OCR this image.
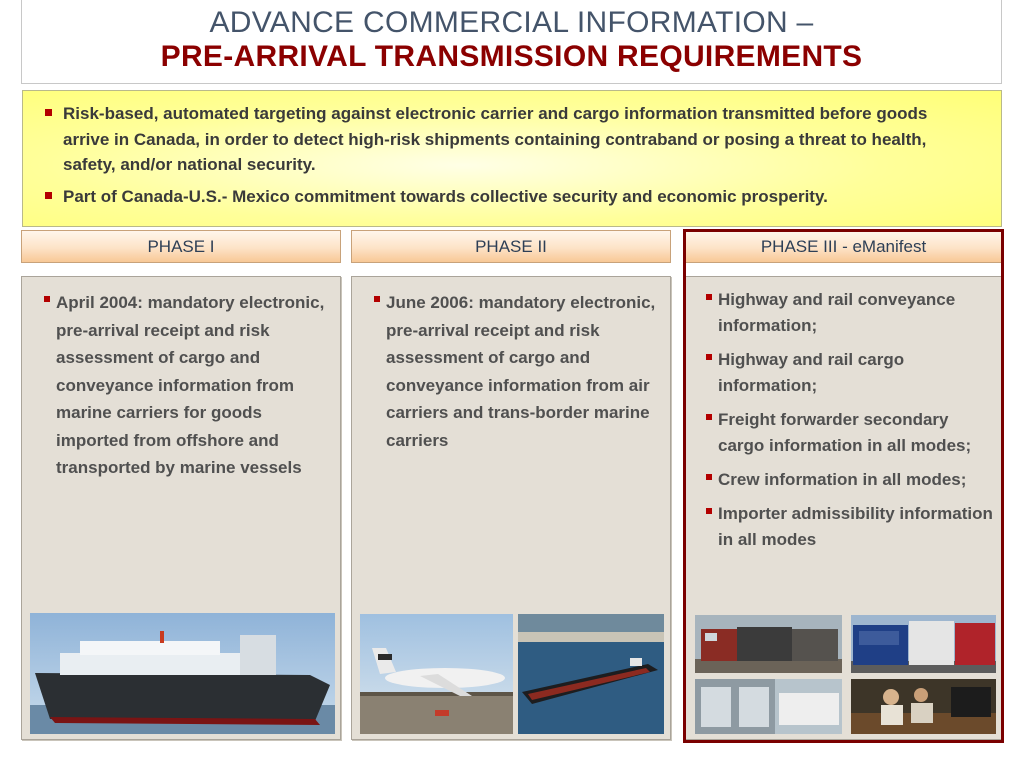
ADVANCE COMMERCIAL INFORMATION –
PRE-ARRIVAL TRANSMISSION REQUIREMENTS
Risk-based, automated targeting against electronic carrier and cargo information transmitted before goods arrive in Canada, in order to detect high-risk shipments containing contraband or posing a threat to health, safety, and/or national security.
Part of Canada-U.S.- Mexico commitment towards collective security and economic prosperity.
PHASE I	PHASE II	PHASE III - eManifest
April 2004: mandatory electronic, pre-arrival receipt and risk assessment of cargo and conveyance information from marine carriers for goods imported from offshore and transported by marine vessels
June 2006: mandatory electronic, pre-arrival receipt and risk assessment of cargo and conveyance information from air carriers and trans-border marine carriers
Highway and rail conveyance information;
Highway and rail cargo information;
Freight forwarder secondary cargo information in all modes;
Crew information in all modes;
Importer admissibility information in all modes
